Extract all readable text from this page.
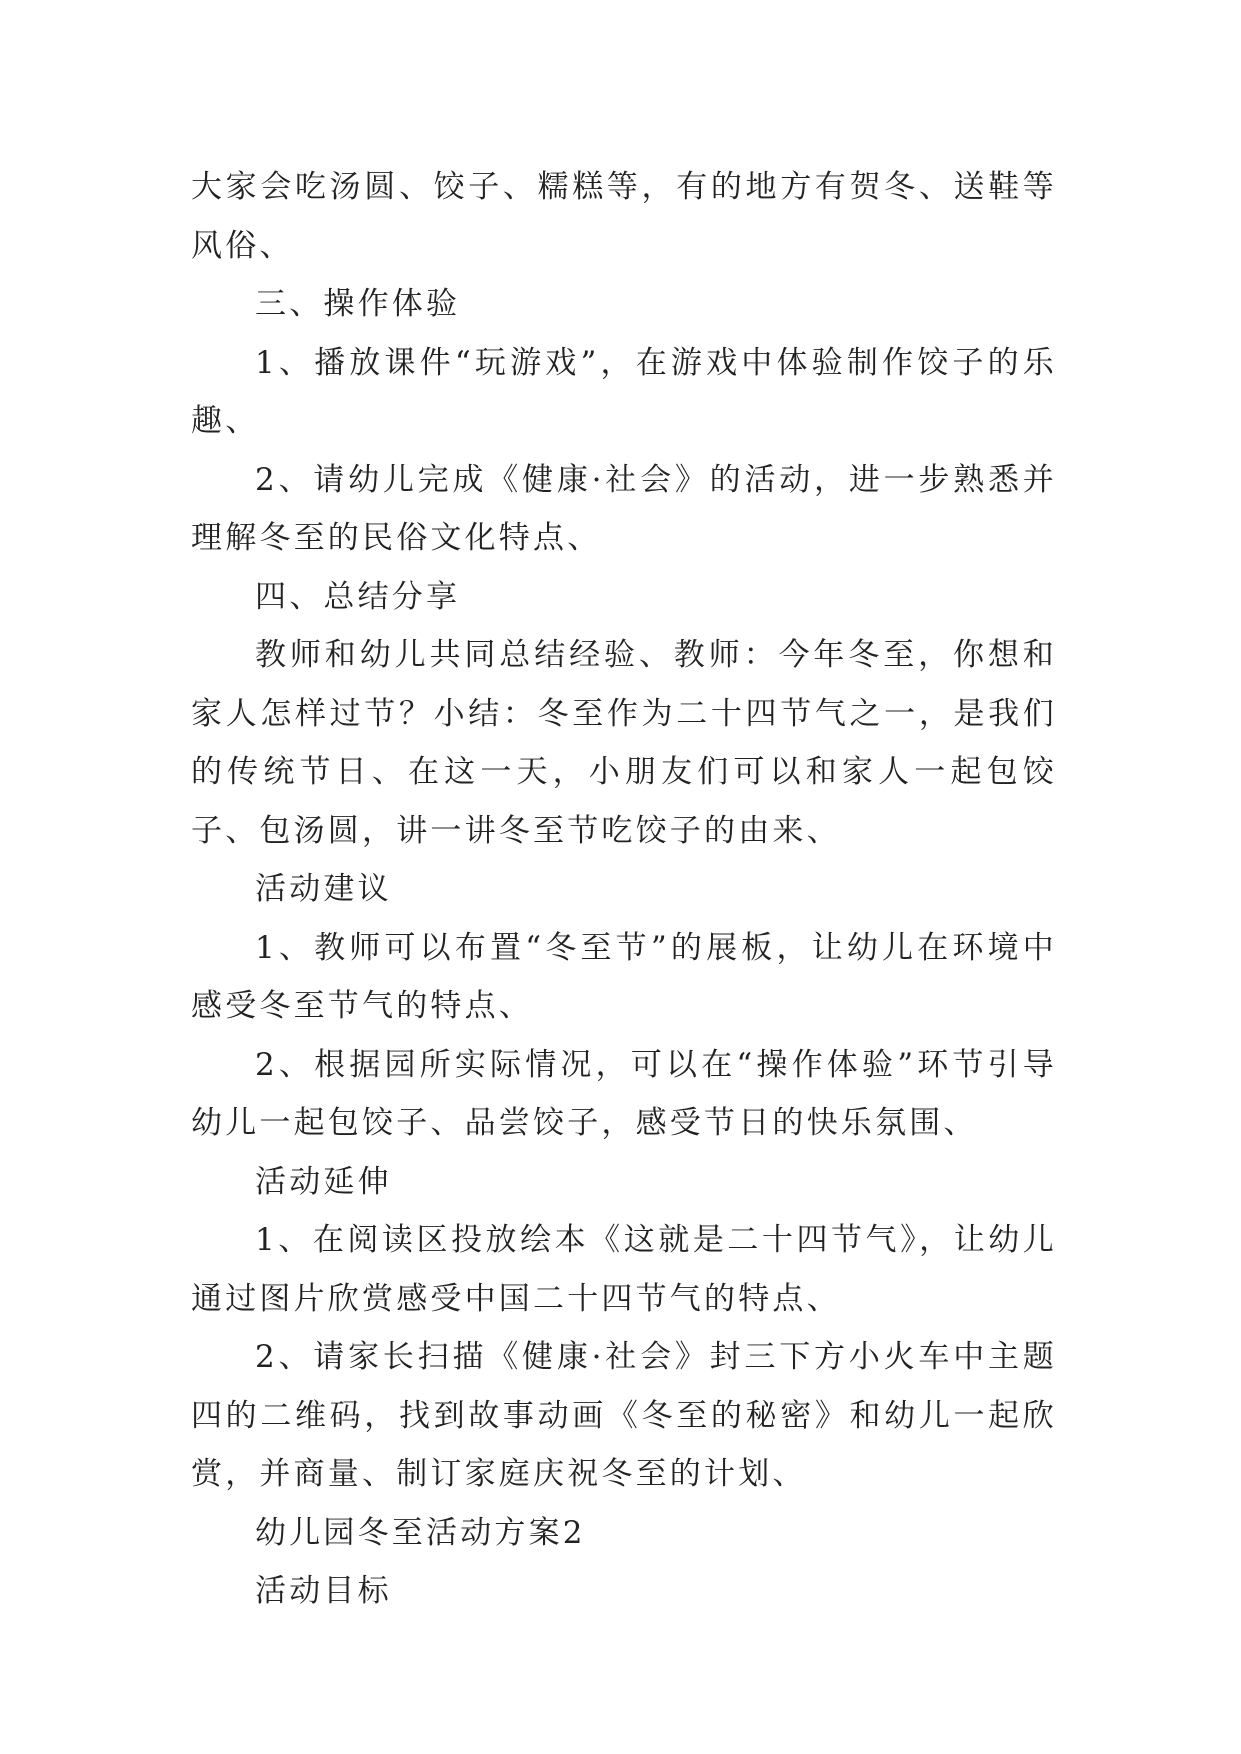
大家会吃汤圆、饺子、糯糕等，有的地方有贺冬、送鞋等风俗、

三、操作体验

1、播放课件“玩游戏”，在游戏中体验制作饺子的乐趣、

2、请幼儿完成《健康·社会》的活动，进一步熟悉并理解冬至的民俗文化特点、

四、总结分享

教师和幼儿共同总结经验、教师：今年冬至，你想和家人怎样过节？小结：冬至作为二十四节气之一，是我们的传统节日、在这一天，小朋友们可以和家人一起包饺子、包汤圆，讲一讲冬至节吃饺子的由来、

活动建议

1、教师可以布置“冬至节”的展板，让幼儿在环境中感受冬至节气的特点、

2、根据园所实际情况，可以在“操作体验”环节引导幼儿一起包饺子、品尝饺子，感受节日的快乐氛围、

活动延伸

1、在阅读区投放绘本《这就是二十四节气》，让幼儿通过图片欣赏感受中国二十四节气的特点、

2、请家长扫描《健康·社会》封三下方小火车中主题四的二维码，找到故事动画《冬至的秘密》和幼儿一起欣赏，并商量、制订家庭庆祝冬至的计划、

幼儿园冬至活动方案2

活动目标
